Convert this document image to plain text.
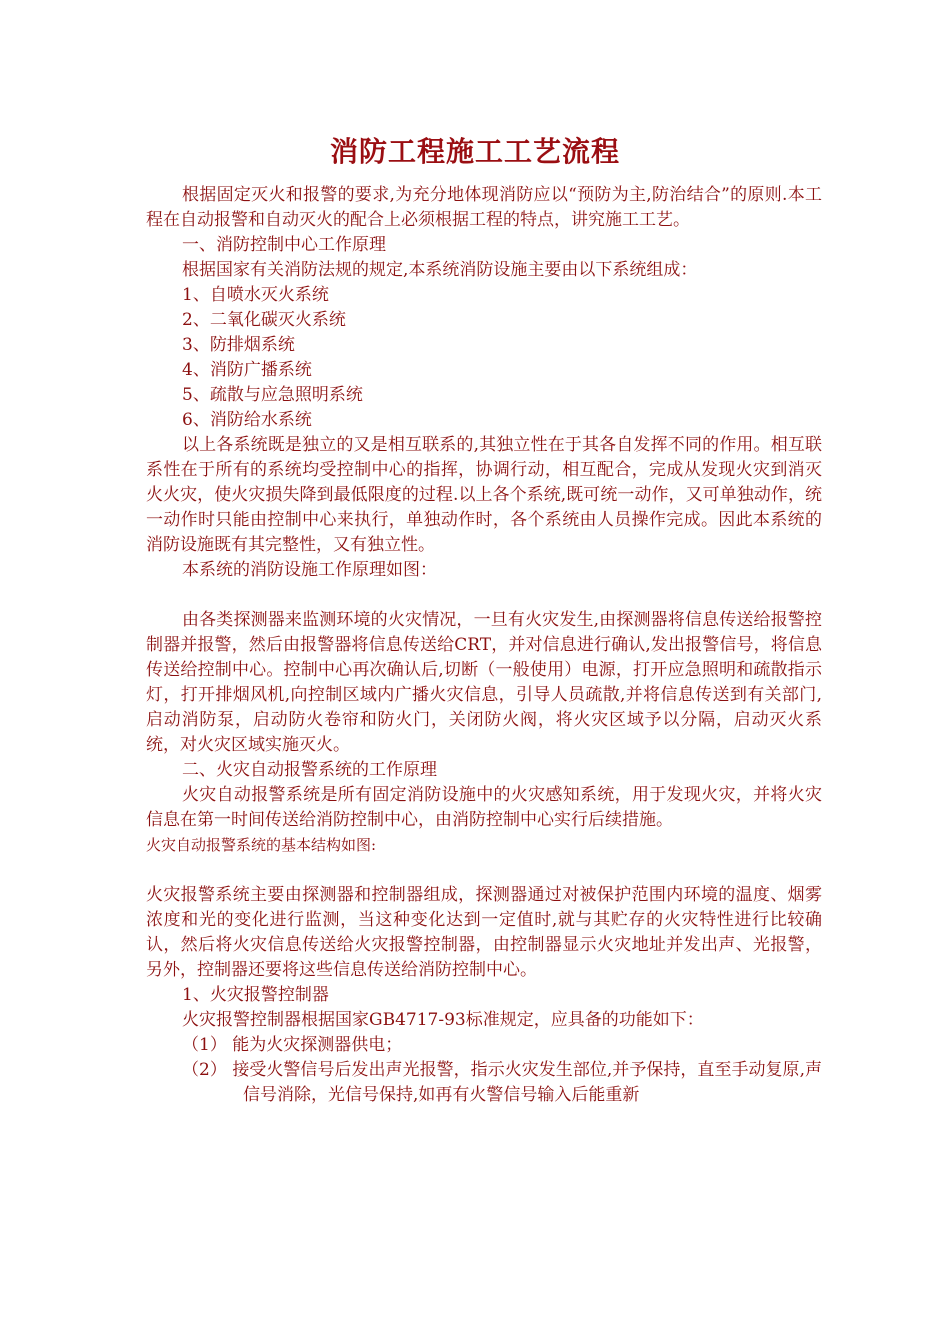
消防工程施工工艺流程

根据固定灭火和报警的要求,为充分地体现消防应以“预防为主,防治结合”的原则.本工程在自动报警和自动灭火的配合上必须根据工程的特点，讲究施工工艺。

一、消防控制中心工作原理

根据国家有关消防法规的规定,本系统消防设施主要由以下系统组成：

1、自喷水灭火系统

2、二氧化碳灭火系统

3、防排烟系统

4、消防广播系统

5、疏散与应急照明系统

6、消防给水系统

以上各系统既是独立的又是相互联系的,其独立性在于其各自发挥不同的作用。相互联系性在于所有的系统均受控制中心的指挥，协调行动，相互配合，完成从发现火灾到消灭火火灾，使火灾损失降到最低限度的过程.以上各个系统,既可统一动作，又可单独动作，统一动作时只能由控制中心来执行，单独动作时，各个系统由人员操作完成。因此本系统的消防设施既有其完整性，又有独立性。

本系统的消防设施工作原理如图：

由各类探测器来监测环境的火灾情况，一旦有火灾发生,由探测器将信息传送给报警控制器并报警，然后由报警器将信息传送给CRT，并对信息进行确认,发出报警信号，将信息传送给控制中心。控制中心再次确认后,切断（一般使用）电源，打开应急照明和疏散指示灯，打开排烟风机,向控制区域内广播火灾信息，引导人员疏散,并将信息传送到有关部门,启动消防泵，启动防火卷帘和防火门，关闭防火阀，将火灾区域予以分隔，启动灭火系统，对火灾区域实施灭火。

二、火灾自动报警系统的工作原理

火灾自动报警系统是所有固定消防设施中的火灾感知系统，用于发现火灾，并将火灾信息在第一时间传送给消防控制中心，由消防控制中心实行后续措施。

火灾自动报警系统的基本结构如图:

火灾报警系统主要由探测器和控制器组成，探测器通过对被保护范围内环境的温度、烟雾浓度和光的变化进行监测，当这种变化达到一定值时,就与其贮存的火灾特性进行比较确认，然后将火灾信息传送给火灾报警控制器，由控制器显示火灾地址并发出声、光报警，另外，控制器还要将这些信息传送给消防控制中心。

1、火灾报警控制器

火灾报警控制器根据国家GB4717-93标准规定，应具备的功能如下：

（1） 能为火灾探测器供电；

（2） 接受火警信号后发出声光报警，指示火灾发生部位,并予保持，直至手动复原,声信号消除，光信号保持,如再有火警信号输入后能重新
